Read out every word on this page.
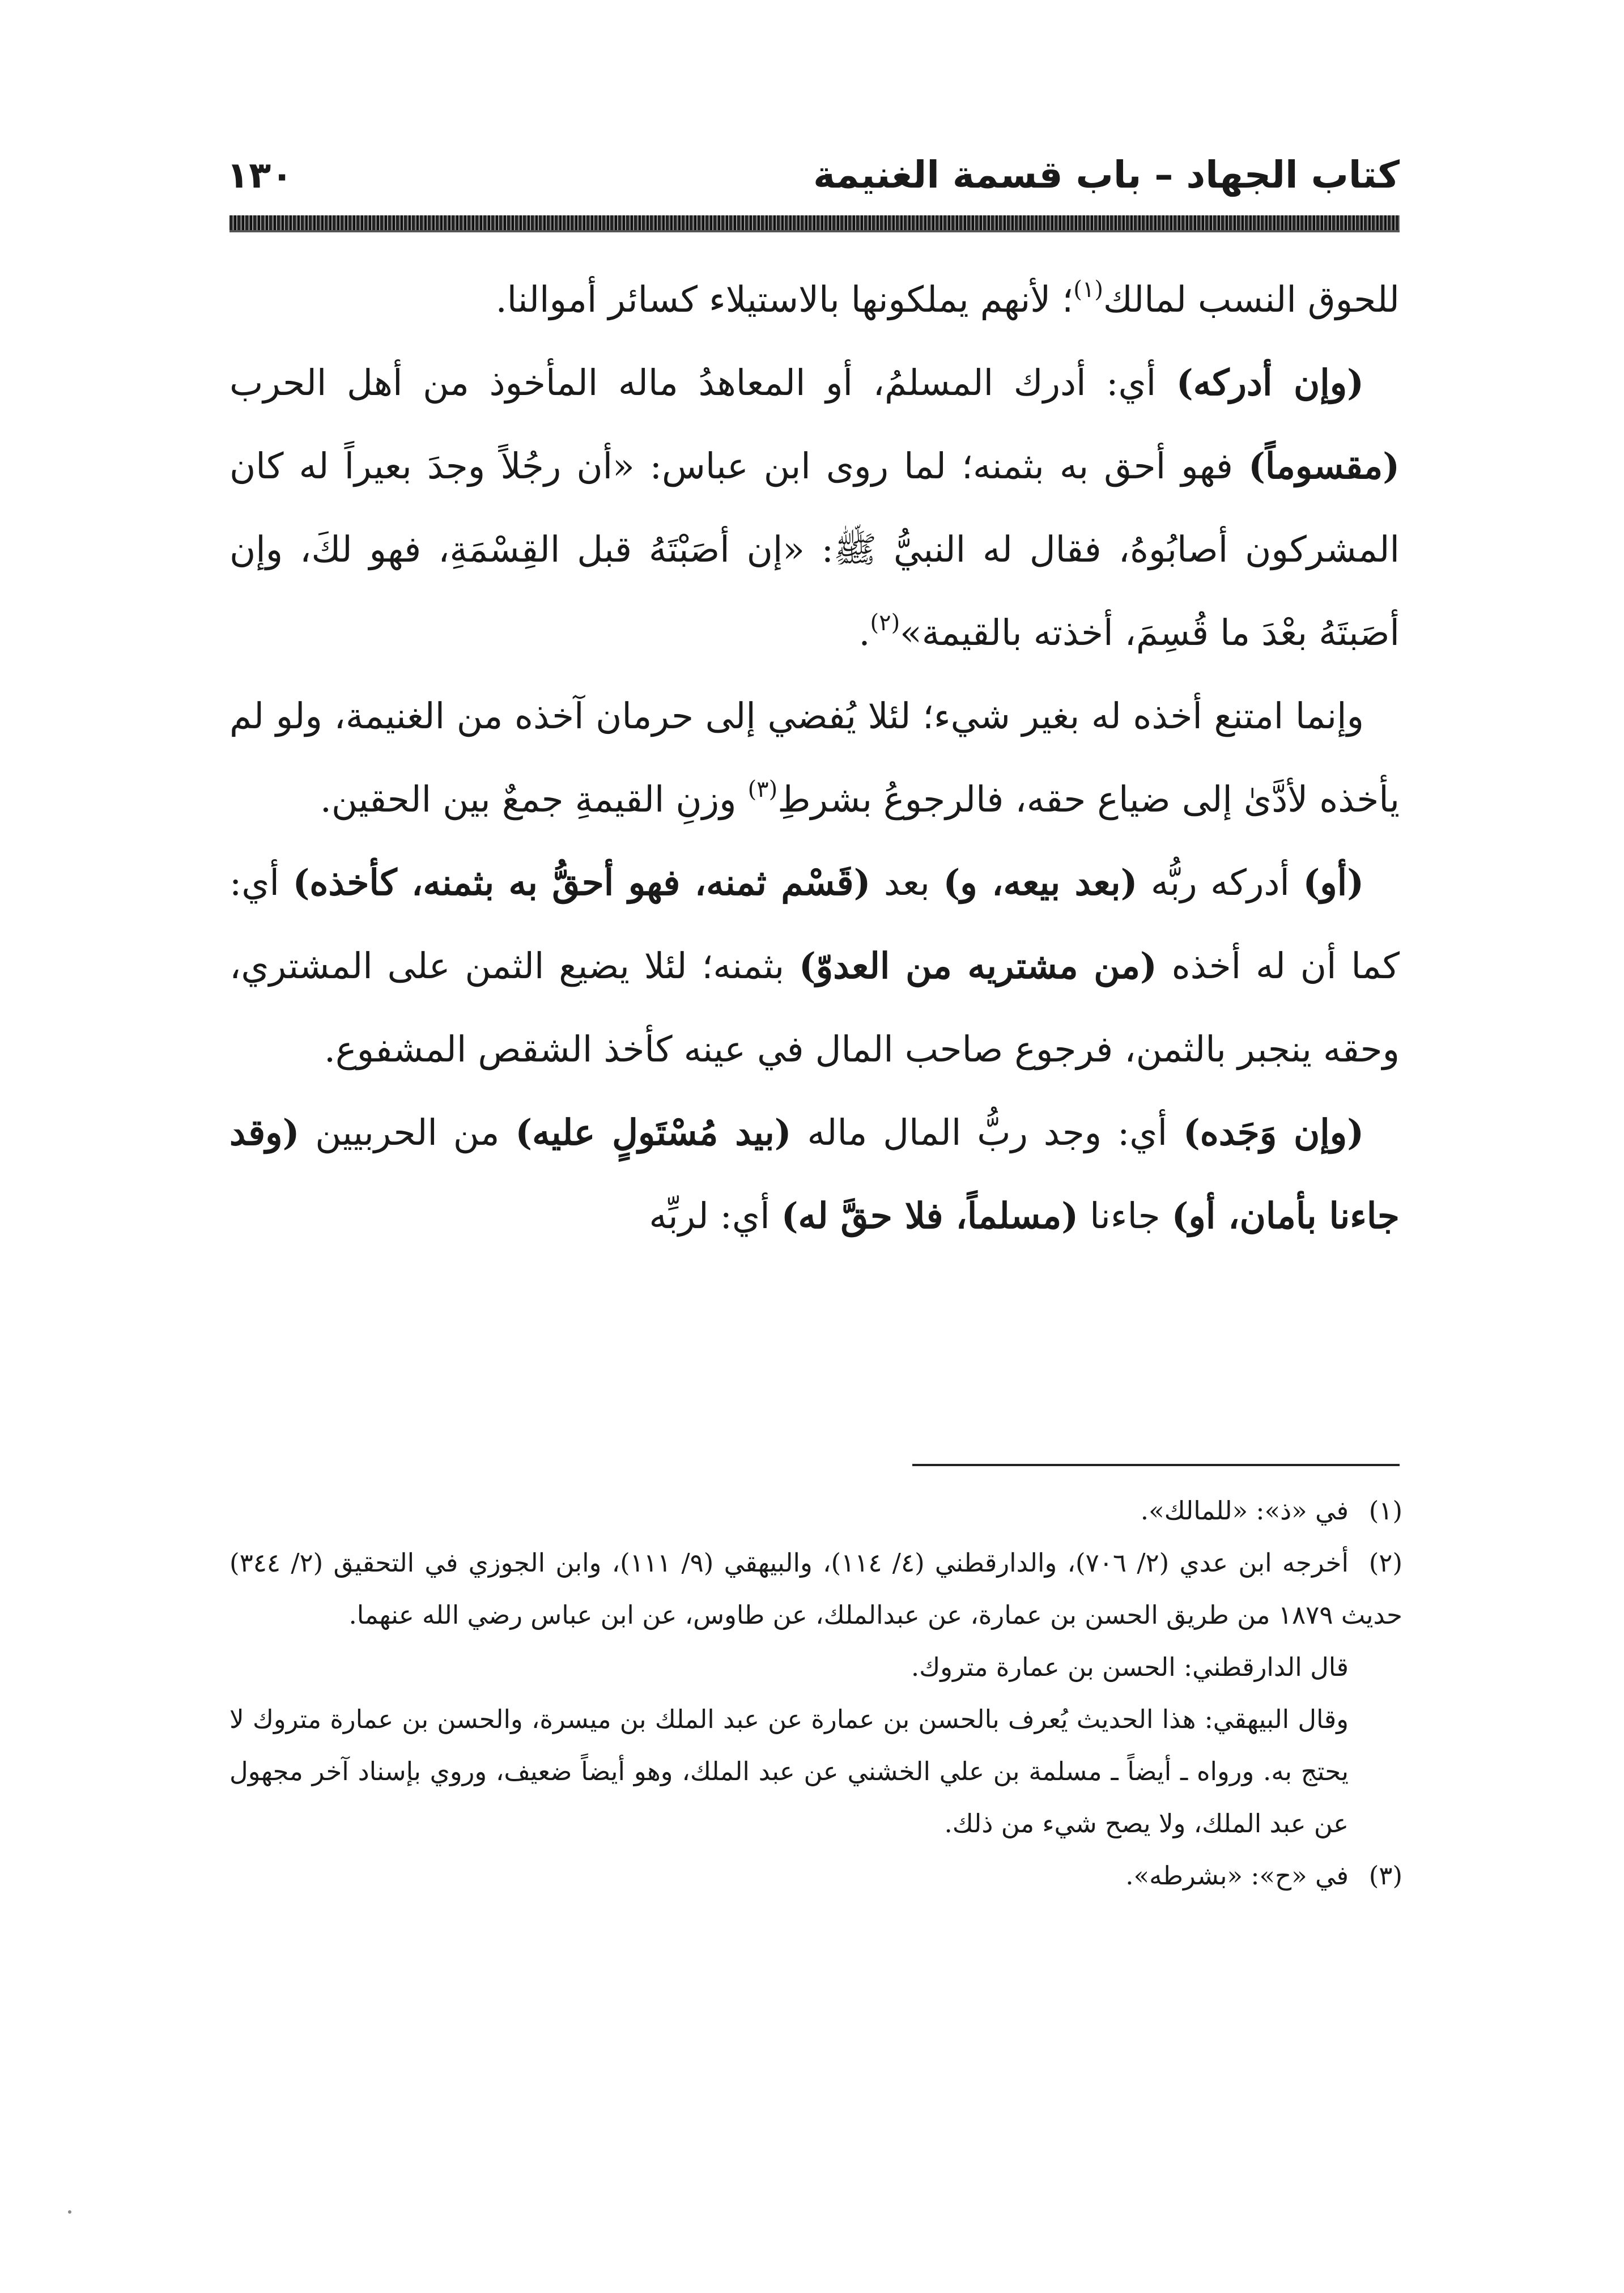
كتاب الجهاد – باب قسمة الغنيمة
١٣٠

للحوق النسب لمالك$^{(١)}$؛ لأنهم يملكونها بالاستيلاء كسائر أموالنا.

 (وإن أدركه) أي: أدرك المسلمُ، أو المعاهدُ ماله المأخوذ من أهل الحرب (مقسوماً) فهو أحق به بثمنه؛ لما روى ابن عباس: «أن رجُلاً وجدَ بعيراً له كان المشركون أصابُوهُ، فقال له النبيُّ ﷺ: «إن أصَبْتَهُ قبل القِسْمَةِ، فهو لكَ، وإن أصَبتَهُ بعْدَ ما قُسِمَ، أخذته بالقيمة»$^{(٢)}$.

 وإنما امتنع أخذه له بغير شيء؛ لئلا يُفضي إلى حرمان آخذه من الغنيمة، ولو لم يأخذه لأدَّىٰ إلى ضياع حقه، فالرجوعُ بشرطِ$^{(٣)}$ وزنِ القيمةِ جمعٌ بين الحقين.

 (أو) أدركه ربُّه (بعد بيعه، و) بعد (قَسْم ثمنه، فهو أحقُّ به بثمنه، كأخذه) أي: كما أن له أخذه (من مشتريه من العدوّ) بثمنه؛ لئلا يضيع الثمن على المشتري، وحقه ينجبر بالثمن، فرجوع صاحب المال في عينه كأخذ الشقص المشفوع.

 (وإن وَجَده) أي: وجد ربُّ المال ماله (بيد مُسْتَولٍ عليه) من الحربيين (وقد جاءنا بأمان، أو) جاءنا (مسلماً، فلا حقَّ له) أي: لربِّه

(١)في «ذ»: «للمالك».

(٢)أخرجه ابن عدي (٢/ ٧٠٦)، والدارقطني (٤/ ١١٤)، والبيهقي (٩/ ١١١)، وابن الجوزي في التحقيق (٢/ ٣٤٤) حديث ١٨٧٩ من طريق الحسن بن عمارة، عن عبدالملك، عن طاوس، عن ابن عباس رضي الله عنهما.

قال الدارقطني: الحسن بن عمارة متروك.

وقال البيهقي: هذا الحديث يُعرف بالحسن بن عمارة عن عبد الملك بن ميسرة، والحسن بن عمارة متروك لا يحتج به. ورواه ـ أيضاً ـ مسلمة بن علي الخشني عن عبد الملك، وهو أيضاً ضعيف، وروي بإسناد آخر مجهول عن عبد الملك، ولا يصح شيء من ذلك.

(٣)في «ح»: «بشرطه».
